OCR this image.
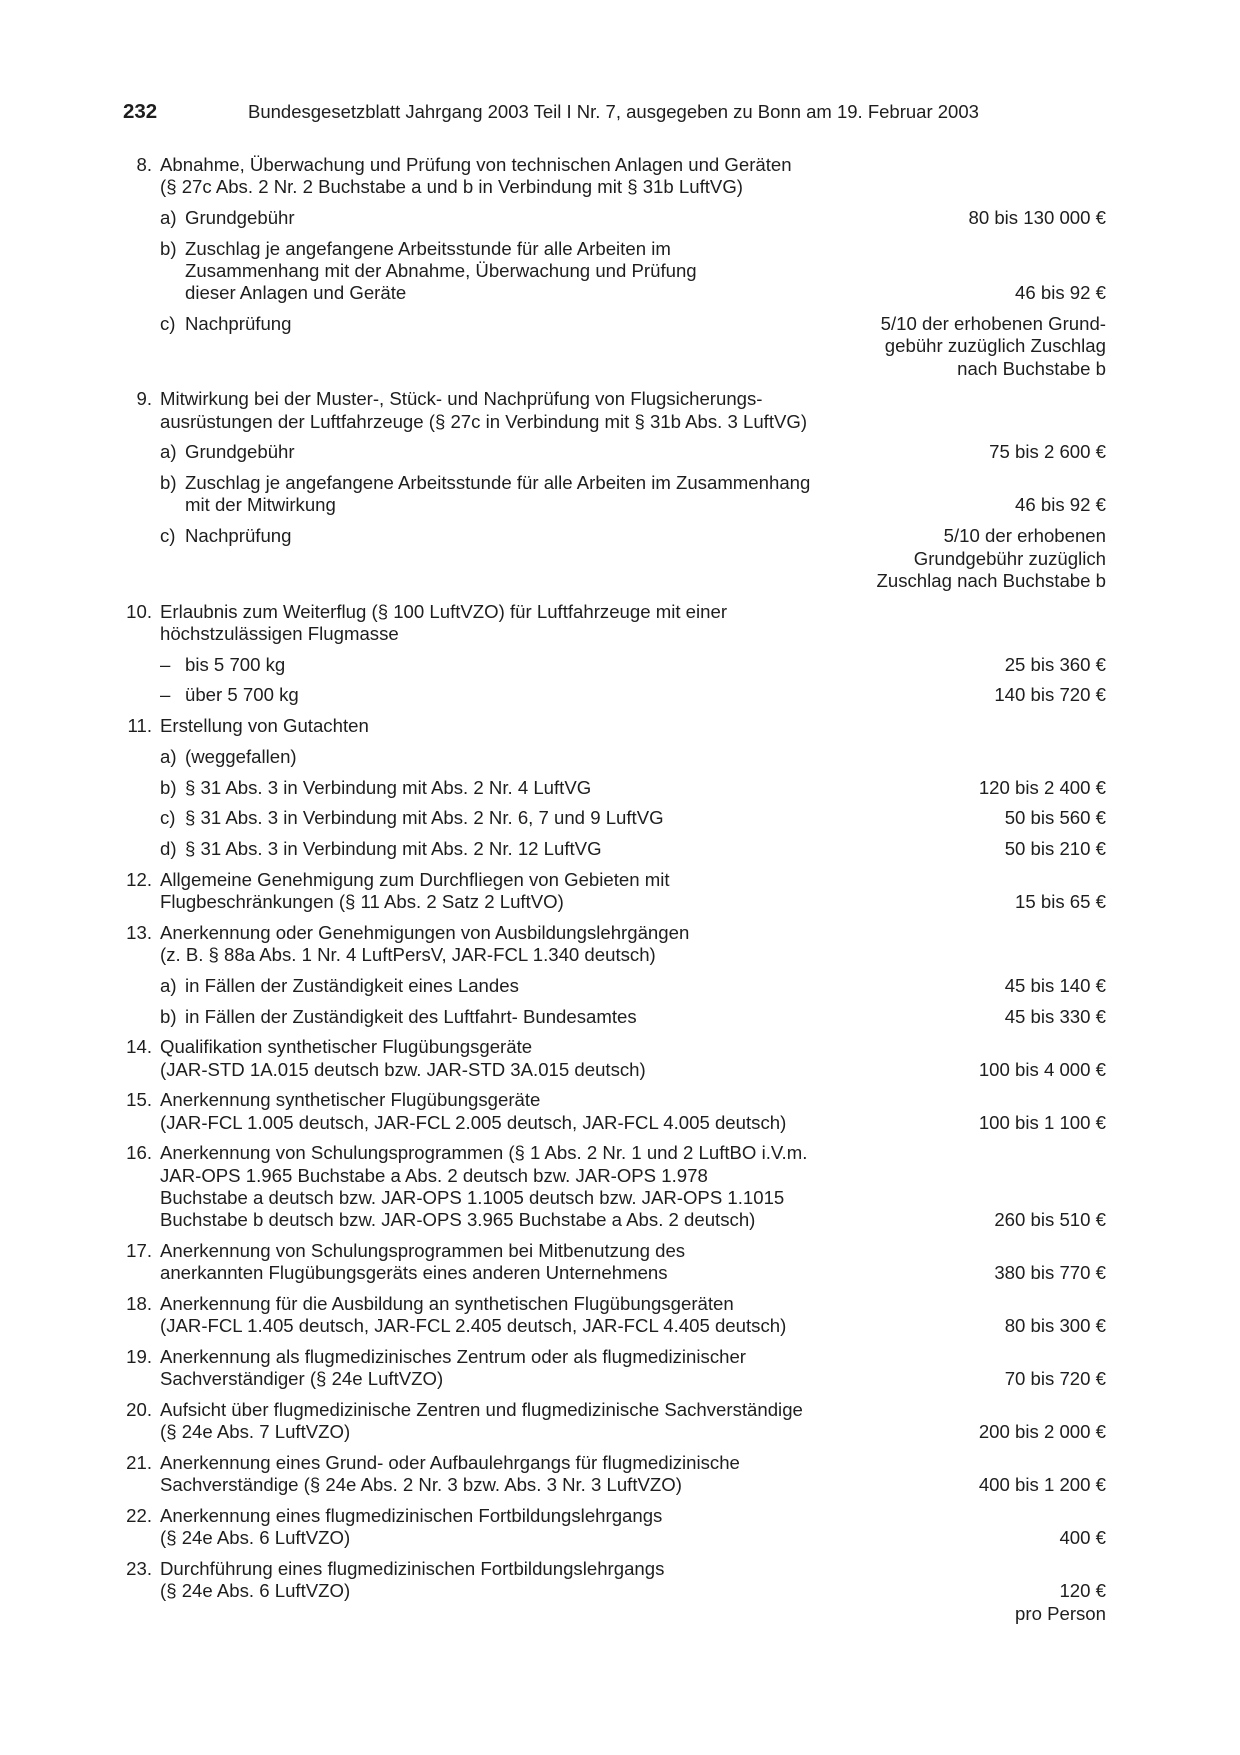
232	Bundesgesetzblatt Jahrgang 2003 Teil I Nr. 7, ausgegeben zu Bonn am 19. Februar 2003
8. Abnahme, Überwachung und Prüfung von technischen Anlagen und Geräten
(§ 27c Abs. 2 Nr. 2 Buchstabe a und b in Verbindung mit § 31b LuftVG)
a) Grundgebühr	80 bis 130 000 €
b) Zuschlag je angefangene Arbeitsstunde für alle Arbeiten im
Zusammenhang mit der Abnahme, Überwachung und Prüfung
dieser Anlagen und Geräte	46 bis 92 €
c) Nachprüfung	5/10 der erhobenen Grund-
gebühr zuzüglich Zuschlag
nach Buchstabe b
9. Mitwirkung bei der Muster-, Stück- und Nachprüfung von Flugsicherungs-
ausrüstungen der Luftfahrzeuge (§ 27c in Verbindung mit § 31b Abs. 3 LuftVG)
a) Grundgebühr	75 bis 2 600 €
b) Zuschlag je angefangene Arbeitsstunde für alle Arbeiten im Zusammenhang
mit der Mitwirkung	46 bis 92 €
c) Nachprüfung	5/10 der erhobenen
Grundgebühr zuzüglich
Zuschlag nach Buchstabe b
10. Erlaubnis zum Weiterflug (§ 100 LuftVZO) für Luftfahrzeuge mit einer
höchstzulässigen Flugmasse
– bis 5 700 kg	25 bis 360 €
– über 5 700 kg	140 bis 720 €
11. Erstellung von Gutachten
a) (weggefallen)
b) § 31 Abs. 3 in Verbindung mit Abs. 2 Nr. 4 LuftVG	120 bis 2 400 €
c) § 31 Abs. 3 in Verbindung mit Abs. 2 Nr. 6, 7 und 9 LuftVG	50 bis 560 €
d) § 31 Abs. 3 in Verbindung mit Abs. 2 Nr. 12 LuftVG	50 bis 210 €
12. Allgemeine Genehmigung zum Durchfliegen von Gebieten mit
Flugbeschränkungen (§ 11 Abs. 2 Satz 2 LuftVO)	15 bis 65 €
13. Anerkennung oder Genehmigungen von Ausbildungslehrgängen
(z. B. § 88a Abs. 1 Nr. 4 LuftPersV, JAR-FCL 1.340 deutsch)
a) in Fällen der Zuständigkeit eines Landes	45 bis 140 €
b) in Fällen der Zuständigkeit des Luftfahrt- Bundesamtes	45 bis 330 €
14. Qualifikation synthetischer Flugübungsgeräte
(JAR-STD 1A.015 deutsch bzw. JAR-STD 3A.015 deutsch)	100 bis 4 000 €
15. Anerkennung synthetischer Flugübungsgeräte
(JAR-FCL 1.005 deutsch, JAR-FCL 2.005 deutsch, JAR-FCL 4.005 deutsch)	100 bis 1 100 €
16. Anerkennung von Schulungsprogrammen (§ 1 Abs. 2 Nr. 1 und 2 LuftBO i.V.m.
JAR-OPS 1.965 Buchstabe a Abs. 2 deutsch bzw. JAR-OPS 1.978
Buchstabe a deutsch bzw. JAR-OPS 1.1005 deutsch bzw. JAR-OPS 1.1015
Buchstabe b deutsch bzw. JAR-OPS 3.965 Buchstabe a Abs. 2 deutsch)	260 bis 510 €
17. Anerkennung von Schulungsprogrammen bei Mitbenutzung des
anerkannten Flugübungsgeräts eines anderen Unternehmens	380 bis 770 €
18. Anerkennung für die Ausbildung an synthetischen Flugübungsgeräten
(JAR-FCL 1.405 deutsch, JAR-FCL 2.405 deutsch, JAR-FCL 4.405 deutsch)	80 bis 300 €
19. Anerkennung als flugmedizinisches Zentrum oder als flugmedizinischer
Sachverständiger (§ 24e LuftVZO)	70 bis 720 €
20. Aufsicht über flugmedizinische Zentren und flugmedizinische Sachverständige
(§ 24e Abs. 7 LuftVZO)	200 bis 2 000 €
21. Anerkennung eines Grund- oder Aufbaulehrgangs für flugmedizinische
Sachverständige (§ 24e Abs. 2 Nr. 3 bzw. Abs. 3 Nr. 3 LuftVZO)	400 bis 1 200 €
22. Anerkennung eines flugmedizinischen Fortbildungslehrgangs
(§ 24e Abs. 6 LuftVZO)	400 €
23. Durchführung eines flugmedizinischen Fortbildungslehrgangs
(§ 24e Abs. 6 LuftVZO)	120 €
pro Person
